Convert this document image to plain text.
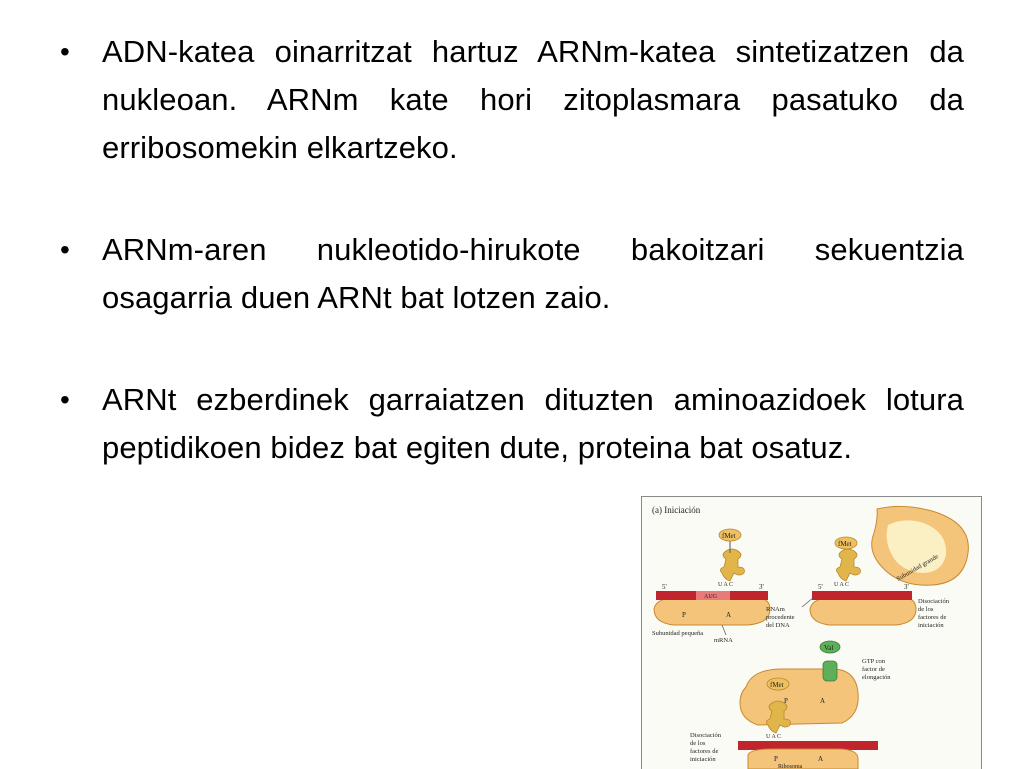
• ADN-katea oinarritzat hartuz ARNm-katea sintetizatzen da nukleoan. ARNm kate hori zitoplasmara pasatuko da erribosomekin elkartzeko.
• ARNm-aren nukleotido-hirukote bakoitzari sekuentzia osagarria duen ARNt bat lotzen zaio.
• ARNt ezberdinek garraiatzen dituzten aminoazidoek lotura peptidikoen bidez bat egiten dute, proteina bat osatuz.
(a) Iniciación
AUG
5'	3'
P	A
fMet
U A C
Subunidad pequeña
mRNA
Subunidad grande
5'	3'
fMet
U A C
RNAm
procedente
del DNA
Disociación
de los
factores de
iniciación
P	A
P	A
fMet
U A C
Val
GTP con
factor de
elongación
Disociación
de los
factores de
iniciación
Ribosoma
